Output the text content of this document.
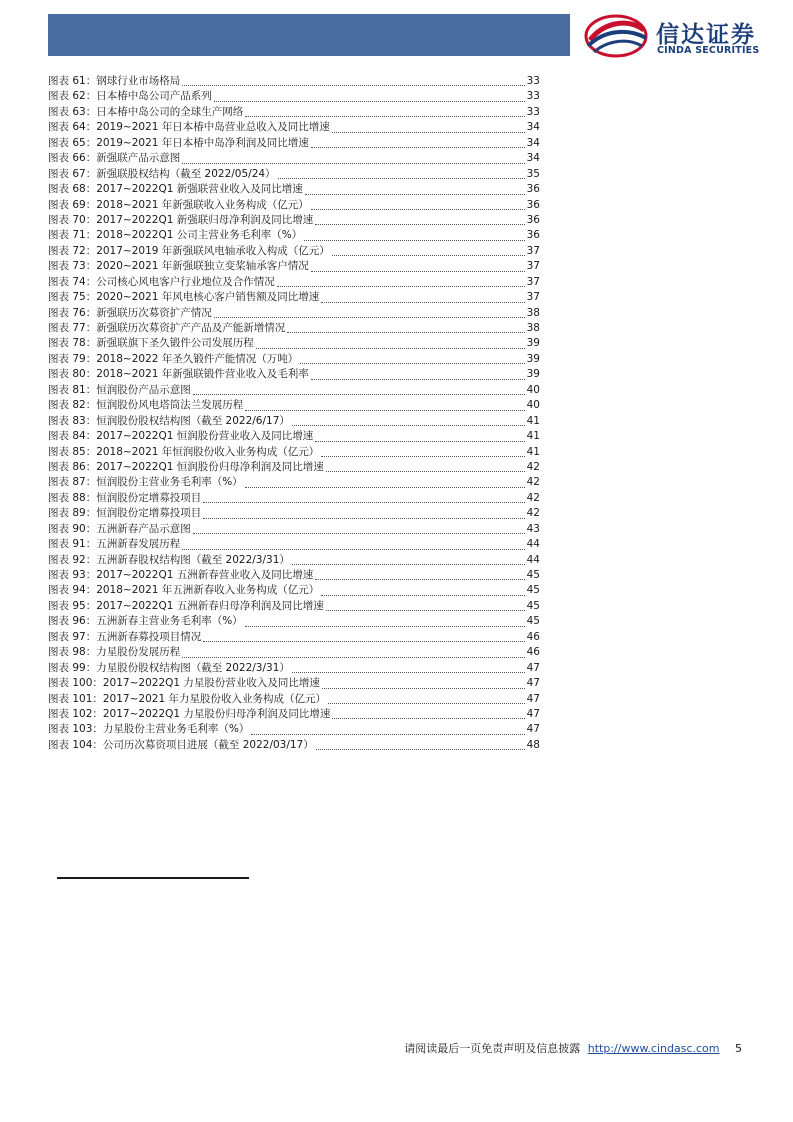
信达证券
CINDA SECURITIES
图表 61：钢球行业市场格局	33
图表 62：日本椿中岛公司产品系列	33
图表 63：日本椿中岛公司的全球生产网络	33
图表 64：2019~2021 年日本椿中岛营业总收入及同比增速	34
图表 65：2019~2021 年日本椿中岛净利润及同比增速	34
图表 66：新强联产品示意图	34
图表 67：新强联股权结构（截至 2022/05/24）	35
图表 68：2017~2022Q1 新强联营业收入及同比增速	36
图表 69：2018~2021 年新强联收入业务构成（亿元）	36
图表 70：2017~2022Q1 新强联归母净利润及同比增速	36
图表 71：2018~2022Q1 公司主营业务毛利率（%）	36
图表 72：2017~2019 年新强联风电轴承收入构成（亿元）	37
图表 73：2020~2021 年新强联独立变桨轴承客户情况	37
图表 74：公司核心风电客户行业地位及合作情况	37
图表 75：2020~2021 年风电核心客户销售额及同比增速	37
图表 76：新强联历次募资扩产情况	38
图表 77：新强联历次募资扩产产品及产能新增情况	38
图表 78：新强联旗下圣久锻件公司发展历程	39
图表 79：2018~2022 年圣久锻件产能情况（万吨）	39
图表 80：2018~2021 年新强联锻件营业收入及毛利率	39
图表 81：恒润股份产品示意图	40
图表 82：恒润股份风电塔筒法兰发展历程	40
图表 83：恒润股份股权结构图（截至 2022/6/17）	41
图表 84：2017~2022Q1 恒润股份营业收入及同比增速	41
图表 85：2018~2021 年恒润股份收入业务构成（亿元）	41
图表 86：2017~2022Q1 恒润股份归母净利润及同比增速	42
图表 87：恒润股份主营业务毛利率（%）	42
图表 88：恒润股份定增募投项目	42
图表 89：恒润股份定增募投项目	42
图表 90：五洲新春产品示意图	43
图表 91：五洲新春发展历程	44
图表 92：五洲新春股权结构图（截至 2022/3/31）	44
图表 93：2017~2022Q1 五洲新春营业收入及同比增速	45
图表 94：2018~2021 年五洲新春收入业务构成（亿元）	45
图表 95：2017~2022Q1 五洲新春归母净利润及同比增速	45
图表 96：五洲新春主营业务毛利率（%）	45
图表 97：五洲新春募投项目情况	46
图表 98：力星股份发展历程	46
图表 99：力星股份股权结构图（截至 2022/3/31）	47
图表 100：2017~2022Q1 力星股份营业收入及同比增速	47
图表 101：2017~2021 年力星股份收入业务构成（亿元）	47
图表 102：2017~2022Q1 力星股份归母净利润及同比增速	47
图表 103：力星股份主营业务毛利率（%）	47
图表 104：公司历次募资项目进展（截至 2022/03/17）	48
请阅读最后一页免责声明及信息披露 http://www.cindasc.com 5
